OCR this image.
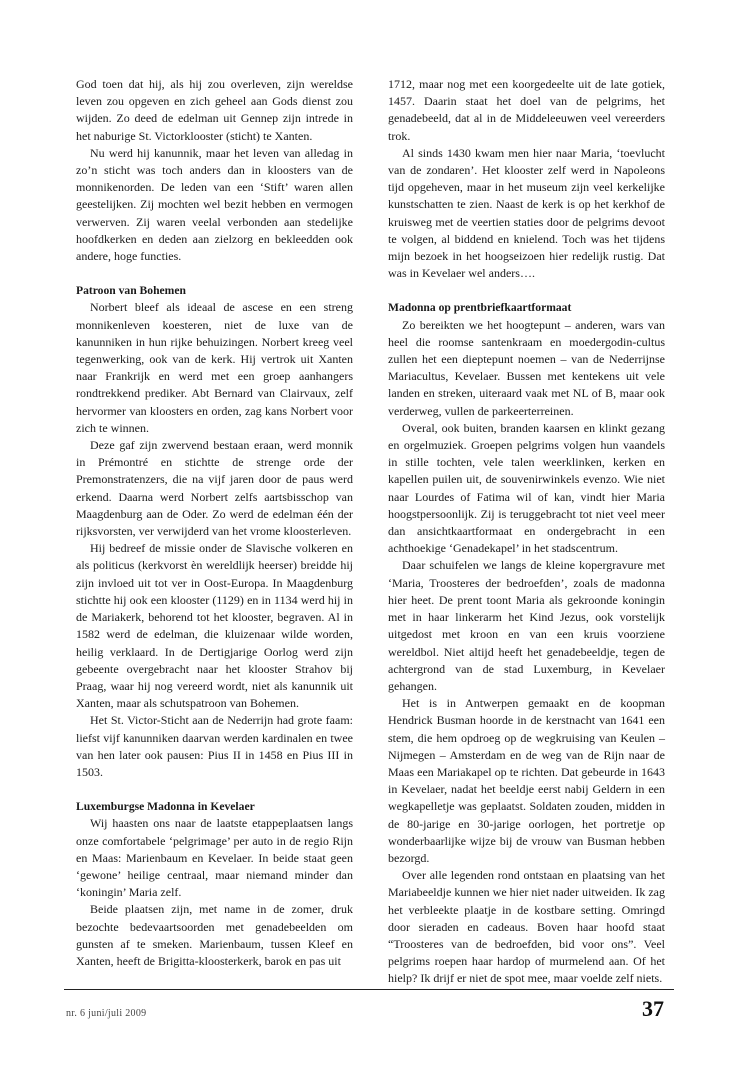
God toen dat hij, als hij zou overleven, zijn wereldse leven zou opgeven en zich geheel aan Gods dienst zou wijden. Zo deed de edelman uit Gennep zijn intrede in het naburige St. Victorklooster (sticht) te Xanten.

Nu werd hij kanunnik, maar het leven van alledag in zo’n sticht was toch anders dan in kloosters van de monnikenorden. De leden van een ‘Stift’ waren allen geestelijken. Zij mochten wel bezit hebben en vermogen verwerven. Zij waren veelal verbonden aan stedelijke hoofdkerken en deden aan zielzorg en bekleedden ook andere, hoge functies.

Patroon van Bohemen

Norbert bleef als ideaal de ascese en een streng monnikenleven koesteren, niet de luxe van de kanunniken in hun rijke behuizingen. Norbert kreeg veel tegenwerking, ook van de kerk. Hij vertrok uit Xanten naar Frankrijk en werd met een groep aanhangers rondtrekkend prediker. Abt Bernard van Clairvaux, zelf hervormer van kloosters en orden, zag kans Norbert voor zich te winnen.

Deze gaf zijn zwervend bestaan eraan, werd monnik in Prémontré en stichtte de strenge orde der Premonstratenzers, die na vijf jaren door de paus werd erkend. Daarna werd Norbert zelfs aartsbisschop van Maagdenburg aan de Oder. Zo werd de edelman één der rijksvorsten, ver verwijderd van het vrome kloosterleven.

Hij bedreef de missie onder de Slavische volkeren en als politicus (kerkvorst èn wereldlijk heerser) breidde hij zijn invloed uit tot ver in Oost-Europa. In Maagdenburg stichtte hij ook een klooster (1129) en in 1134 werd hij in de Mariakerk, behorend tot het klooster, begraven. Al in 1582 werd de edelman, die kluizenaar wilde worden, heilig verklaard. In de Dertigjarige Oorlog werd zijn gebeente overgebracht naar het klooster Strahov bij Praag, waar hij nog vereerd wordt, niet als kanunnik uit Xanten, maar als schutspatroon van Bohemen.

Het St. Victor-Sticht aan de Nederrijn had grote faam: liefst vijf kanunniken daarvan werden kardinalen en twee van hen later ook pausen: Pius II in 1458 en Pius III in 1503.

Luxemburgse Madonna in Kevelaer

Wij haasten ons naar de laatste etappeplaatsen langs onze comfortabele ‘pelgrimage’ per auto in de regio Rijn en Maas: Marienbaum en Kevelaer. In beide staat geen ‘gewone’ heilige centraal, maar niemand minder dan ‘koningin’ Maria zelf.

Beide plaatsen zijn, met name in de zomer, druk bezochte bedevaartsoorden met genadebeelden om gunsten af te smeken. Marienbaum, tussen Kleef en Xanten, heeft de Brigitta-kloosterkerk, barok en pas uit

1712, maar nog met een koorgedeelte uit de late gotiek, 1457. Daarin staat het doel van de pelgrims, het genadebeeld, dat al in de Middeleeuwen veel vereerders trok.

Al sinds 1430 kwam men hier naar Maria, ‘toevlucht van de zondaren’. Het klooster zelf werd in Napoleons tijd opgeheven, maar in het museum zijn veel kerkelijke kunstschatten te zien. Naast de kerk is op het kerkhof de kruisweg met de veertien staties door de pelgrims devoot te volgen, al biddend en knielend. Toch was het tijdens mijn bezoek in het hoogseizoen hier redelijk rustig. Dat was in Kevelaer wel anders….

Madonna op prentbriefkaartformaat

Zo bereikten we het hoogtepunt – anderen, wars van heel die roomse santenkraam en moedergodin-cultus zullen het een dieptepunt noemen – van de Nederrijnse Mariacultus, Kevelaer. Bussen met kentekens uit vele landen en streken, uiteraard vaak met NL of B, maar ook verderweg, vullen de parkeerterreinen.

Overal, ook buiten, branden kaarsen en klinkt gezang en orgelmuziek. Groepen pelgrims volgen hun vaandels in stille tochten, vele talen weerklinken, kerken en kapellen puilen uit, de souvenirwinkels evenzo. Wie niet naar Lourdes of Fatima wil of kan, vindt hier Maria hoogstpersoonlijk. Zij is teruggebracht tot niet veel meer dan ansichtkaartformaat en ondergebracht in een achthoekige ‘Genadekapel’ in het stadscentrum.

Daar schuifelen we langs de kleine kopergravure met ‘Maria, Troosteres der bedroefden’, zoals de madonna hier heet. De prent toont Maria als gekroonde koningin met in haar linkerarm het Kind Jezus, ook vorstelijk uitgedost met kroon en van een kruis voorziene wereldbol. Niet altijd heeft het genadebeeldje, tegen de achtergrond van de stad Luxemburg, in Kevelaer gehangen.

Het is in Antwerpen gemaakt en de koopman Hendrick Busman hoorde in de kerstnacht van 1641 een stem, die hem opdroeg op de wegkruising van Keulen – Nijmegen – Amsterdam en de weg van de Rijn naar de Maas een Mariakapel op te richten. Dat gebeurde in 1643 in Kevelaer, nadat het beeldje eerst nabij Geldern in een wegkapelletje was geplaatst. Soldaten zouden, midden in de 80-jarige en 30-jarige oorlogen, het portretje op wonderbaarlijke wijze bij de vrouw van Busman hebben bezorgd.

Over alle legenden rond ontstaan en plaatsing van het Mariabeeldje kunnen we hier niet nader uitweiden. Ik zag het verbleekte plaatje in de kostbare setting. Omringd door sieraden en cadeaus. Boven haar hoofd staat “Troosteres van de bedroefden, bid voor ons”. Veel pelgrims roepen haar hardop of murmelend aan. Of het hielp? Ik drijf er niet de spot mee, maar voelde zelf niets.

nr. 6 juni/juli 2009	37
